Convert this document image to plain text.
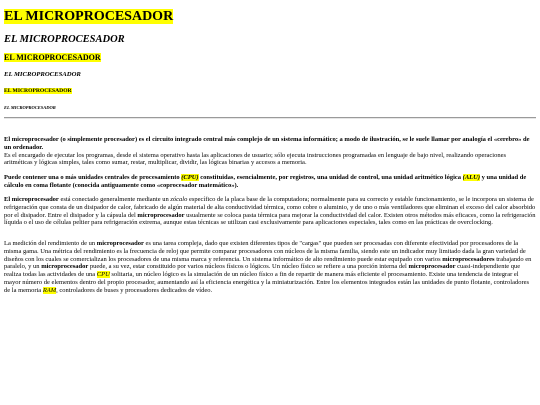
EL MICROPROCESADOR
EL MICROPROCESADOR
EL MICROPROCESADOR
EL MICROPROCESADOR
EL MICROPROCESADOR
EL MICROPROCESADOR

El microprocesador (o simplemente procesador) es el circuito integrado central más complejo de un sistema informático; a modo de ilustración, se le suele llamar por analogía el «cerebro» de un ordenador.
Es el encargado de ejecutar los programas, desde el sistema operativo hasta las aplicaciones de usuario; sólo ejecuta instrucciones programadas en lenguaje de bajo nivel, realizando operaciones aritméticas y lógicas simples, tales como sumar, restar, multiplicar, dividir, las lógicas binarias y accesos a memoria.

Puede contener una o más unidades centrales de procesamiento (CPU) constituidas, esencialmente, por registros, una unidad de control, una unidad aritmético lógica (ALU) y una unidad de cálculo en coma flotante (conocida antiguamente como «coprocesador matemático»).

El microprocesador está conectado generalmente mediante un zócalo específico de la placa base de la computadora; normalmente para su correcto y estable funcionamiento, se le incorpora un sistema de refrigeración que consta de un disipador de calor, fabricado de algún material de alta conductividad térmica, como cobre o aluminio, y de uno o más ventiladores que eliminan el exceso del calor absorbido por el disipador. Entre el disipador y la cápsula del microprocesador usualmente se coloca pasta térmica para mejorar la conductividad del calor. Existen otros métodos más eficaces, como la refrigeración líquida o el uso de células peltier para refrigeración extrema, aunque estas técnicas se utilizan casi exclusivamente para aplicaciones especiales, tales como en las prácticas de overclocking.

La medición del rendimiento de un microprocesador es una tarea compleja, dado que existen diferentes tipos de "cargas" que pueden ser procesadas con diferente efectividad por procesadores de la misma gama. Una métrica del rendimiento es la frecuencia de reloj que permite comparar procesadores con núcleos de la misma familia, siendo este un indicador muy limitado dada la gran variedad de diseños con los cuales se comercializan los procesadores de una misma marca y referencia. Un sistema informático de alto rendimiento puede estar equipado con varios microprocesadores trabajando en paralelo, y un microprocesador puede, a su vez, estar constituido por varios núcleos físicos o lógicos. Un núcleo físico se refiere a una porción interna del microprocesador cuasi-independiente que realiza todas las actividades de una CPU solitaria, un núcleo lógico es la simulación de un núcleo físico a fin de repartir de manera más eficiente el procesamiento. Existe una tendencia de integrar el mayor número de elementos dentro del propio procesador, aumentando así la eficiencia energética y la miniaturización. Entre los elementos integrados están las unidades de punto flotante, controladores de la memoria RAM, controladores de buses y procesadores dedicados de vídeo.
